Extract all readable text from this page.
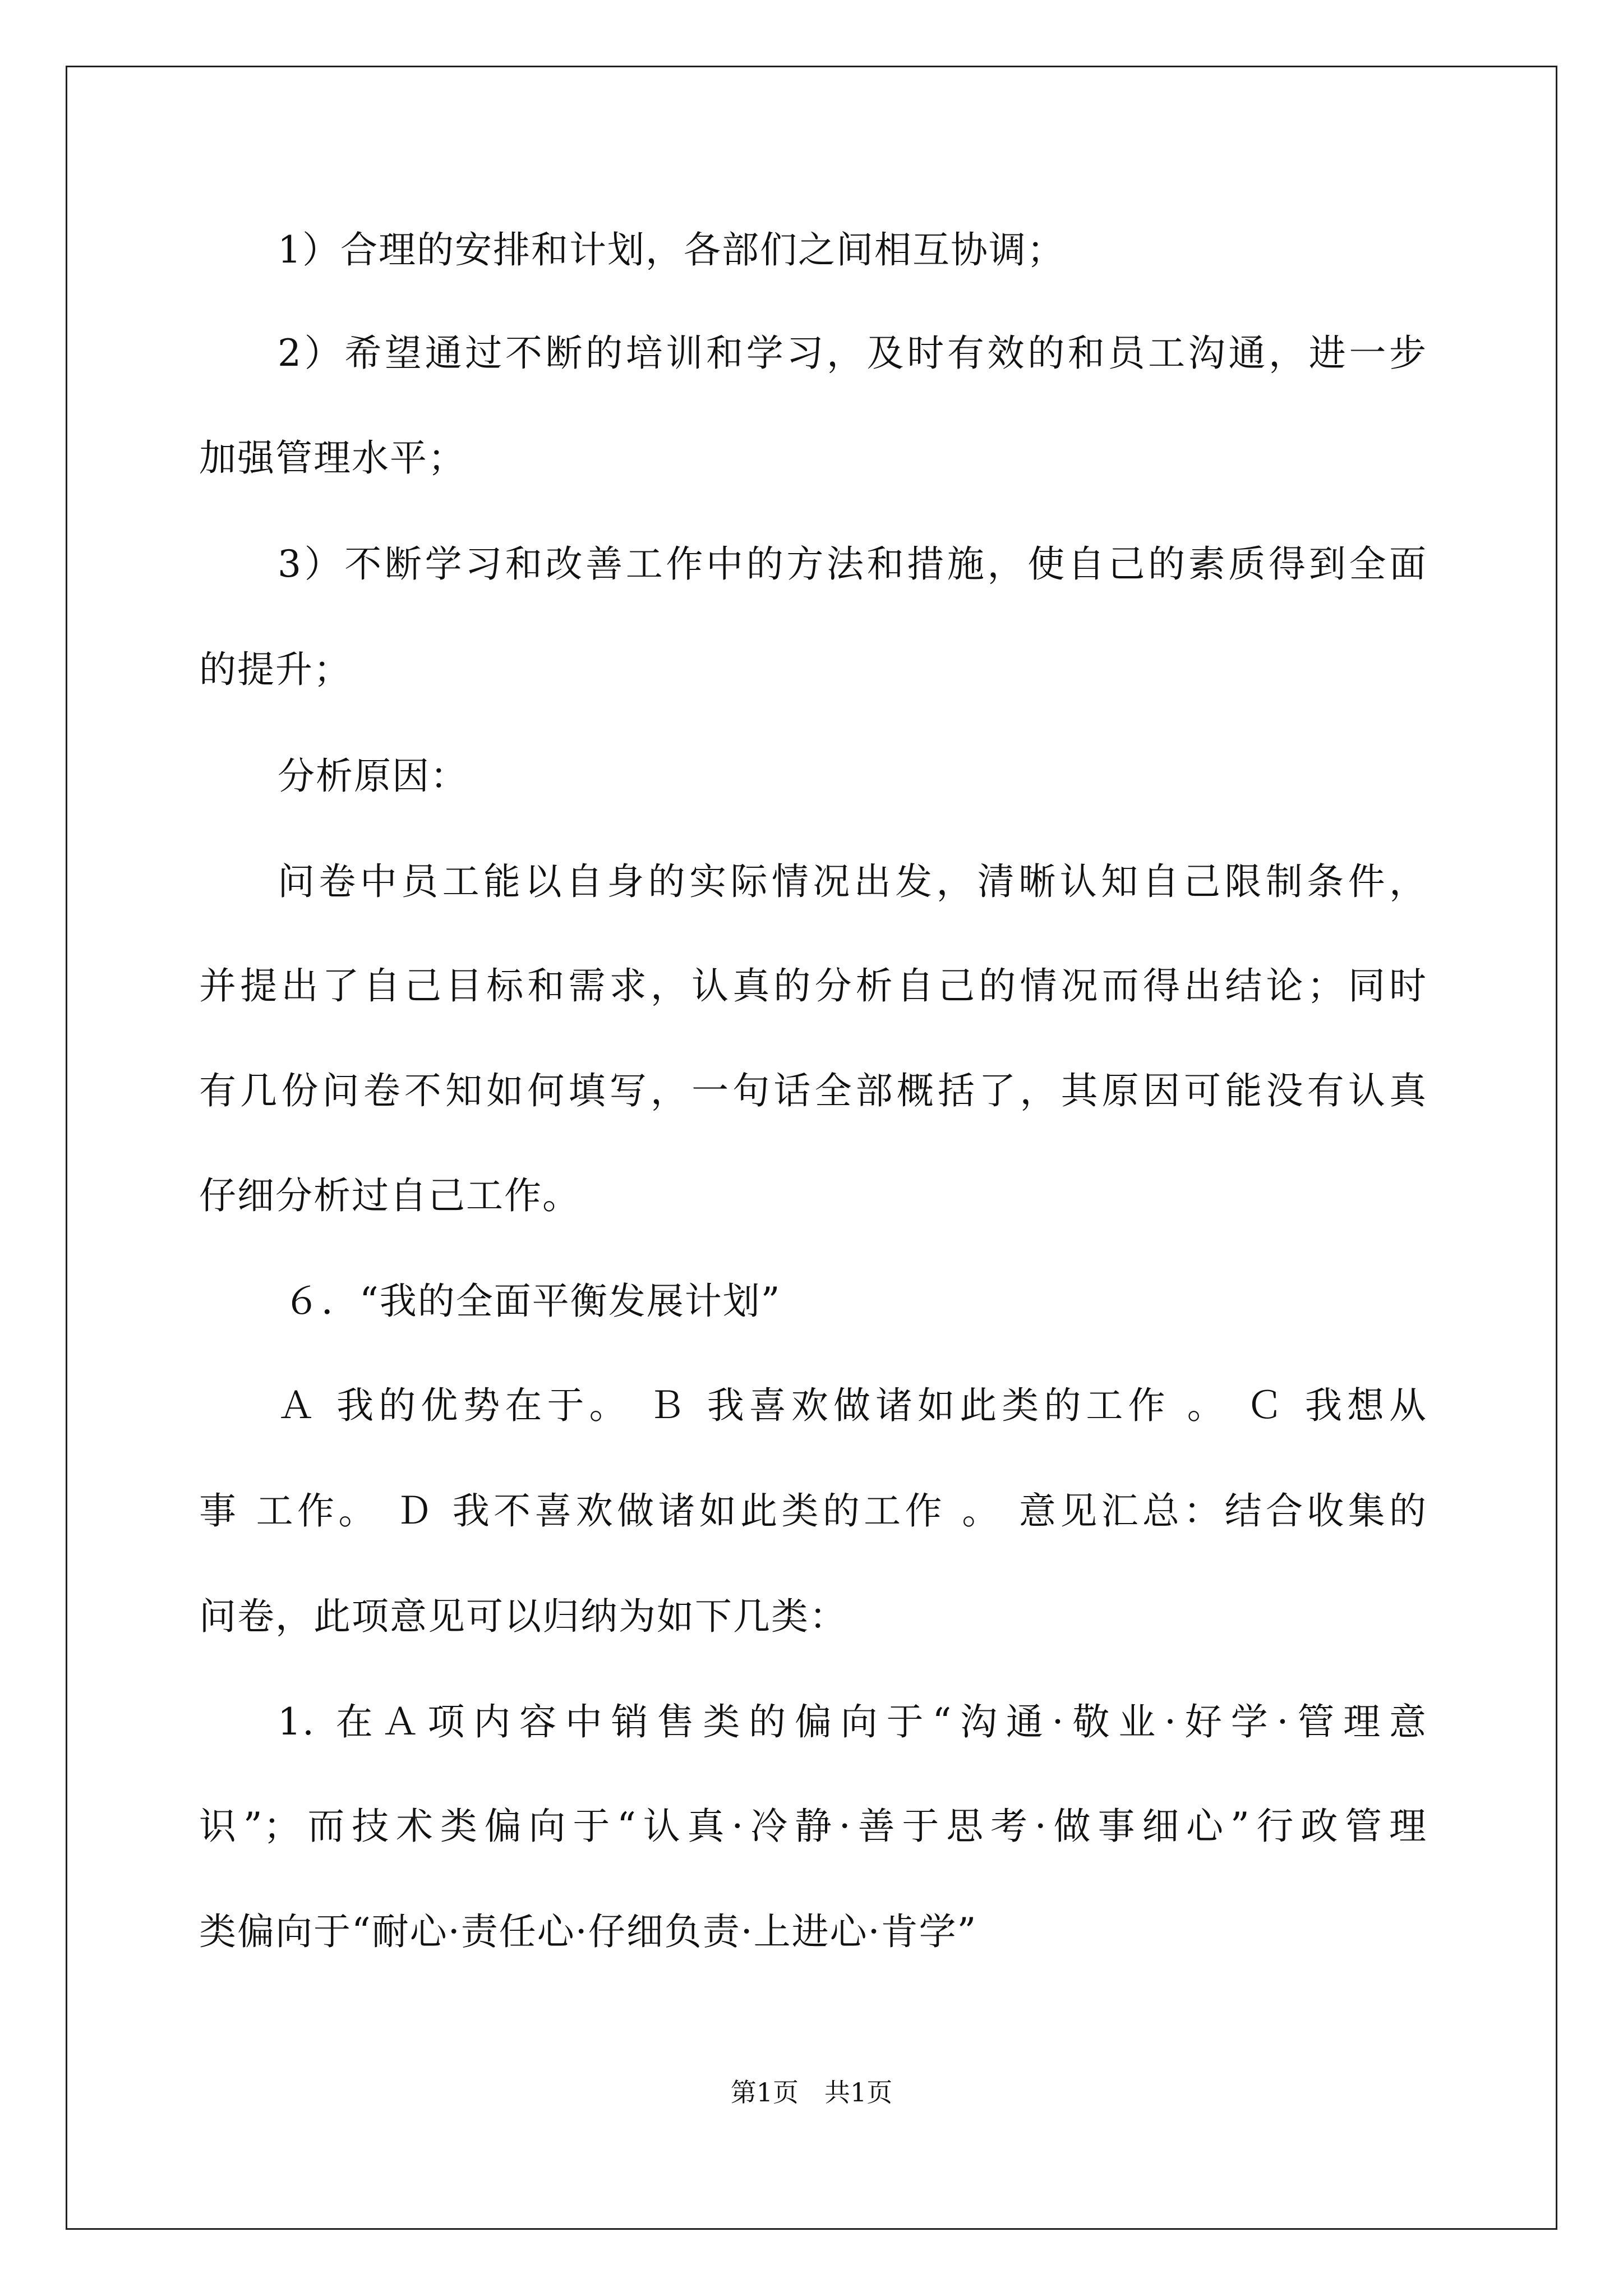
1）合理的安排和计划，各部们之间相互协调；
2）希望通过不断的培训和学习，及时有效的和员工沟通，进一步
加强管理水平；
3）不断学习和改善工作中的方法和措施，使自己的素质得到全面
的提升；
分析原因：
问卷中员工能以自身的实际情况出发，清晰认知自己限制条件，
并提出了自己目标和需求，认真的分析自己的情况而得出结论；同时
有几份问卷不知如何填写，一句话全部概括了，其原因可能没有认真
仔细分析过自己工作。
６．“我的全面平衡发展计划”
Ａ 我的优势在于。 Ｂ 我喜欢做诸如此类的工作 。 Ｃ 我想从
事 工作。 Ｄ 我不喜欢做诸如此类的工作 。 意见汇总：结合收集的
问卷，此项意见可以归纳为如下几类：
1. 在Ａ项内容中销售类的偏向于“沟通·敬业·好学·管理意
识”；而技术类偏向于“认真·冷静·善于思考·做事细心”行政管理
类偏向于“耐心·责任心·仔细负责·上进心·肯学”
第1页　共1页
